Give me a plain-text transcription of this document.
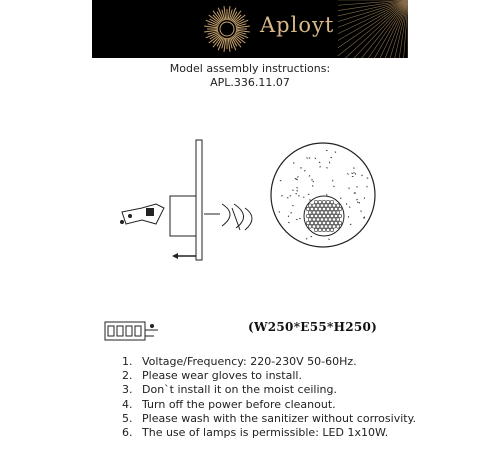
Aployt
Model assembly instructions:
APL.336.11.07
(W250*E55*H250)
1. Voltage/Frequency: 220-230V 50-60Hz.
2. Please wear gloves to install.
3. Don`t install it on the moist ceiling.
4. Turn off the power before cleanout.
5. Please wash with the sanitizer without corrosivity.
6. The use of lamps is permissible: LED 1x10W.
